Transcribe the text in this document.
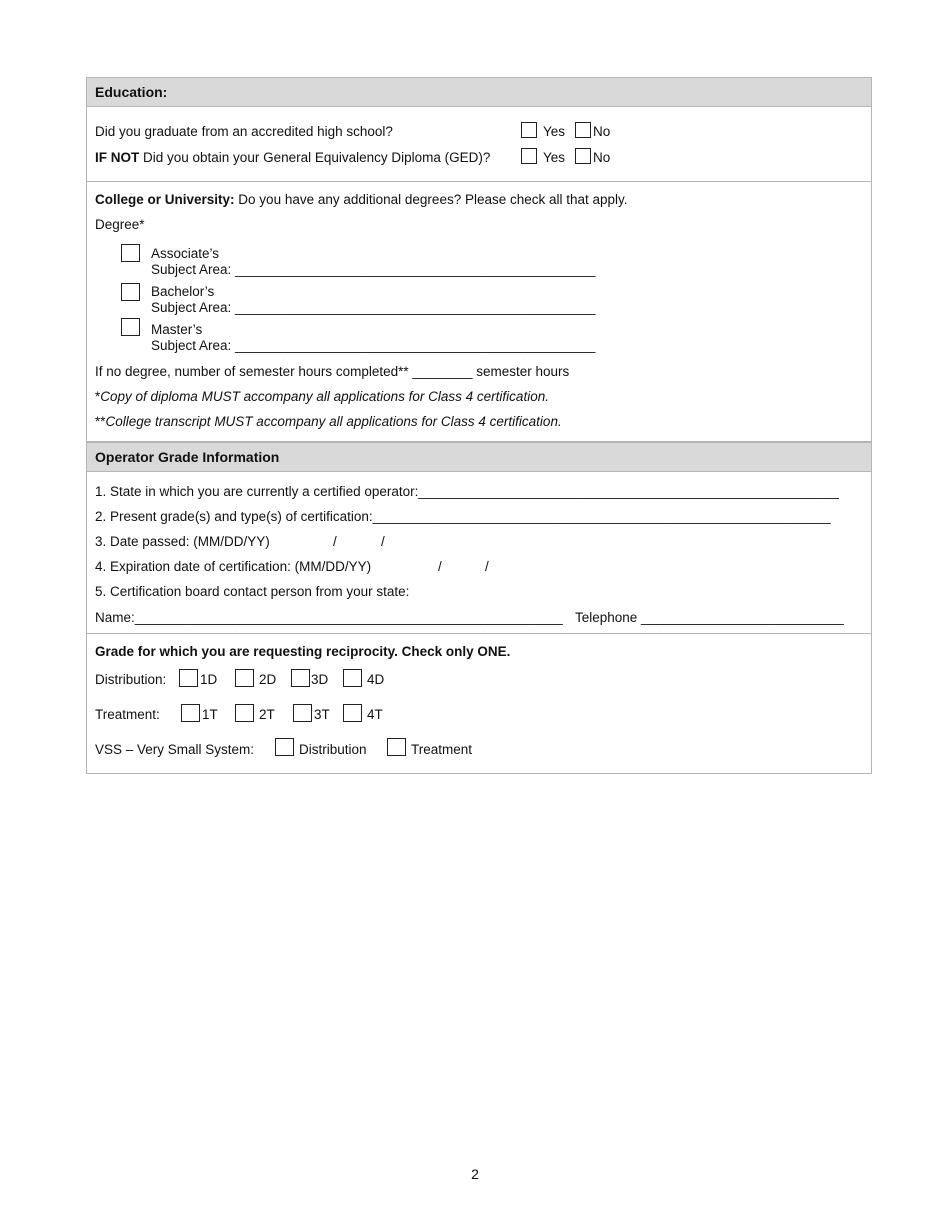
Education:
Did you graduate from an accredited high school?	Yes No
IF NOT Did you obtain your General Equivalency Diploma (GED)?	Yes No
College or University: Do you have any additional degrees? Please check all that apply.
Degree*
Associate’s
Subject Area: ________________________________________________
Bachelor’s
Subject Area: ________________________________________________
Master’s
Subject Area: ________________________________________________
If no degree, number of semester hours completed** ________ semester hours
*Copy of diploma MUST accompany all applications for Class 4 certification.
**College transcript MUST accompany all applications for Class 4 certification.
Operator Grade Information
1. State in which you are currently a certified operator:________________________________________________________
2. Present grade(s) and type(s) of certification:_____________________________________________________________
3. Date passed: (MM/DD/YY)	/	/
4. Expiration date of certification: (MM/DD/YY)	/	/
5. Certification board contact person from your state:
Name:_________________________________________________________ Telephone ___________________________
Grade for which you are requesting reciprocity. Check only ONE.
Distribution: 1D	2D	3D	4D
Treatment:	1T	2T	3T	4T
VSS – Very Small System:	Distribution	Treatment
2
